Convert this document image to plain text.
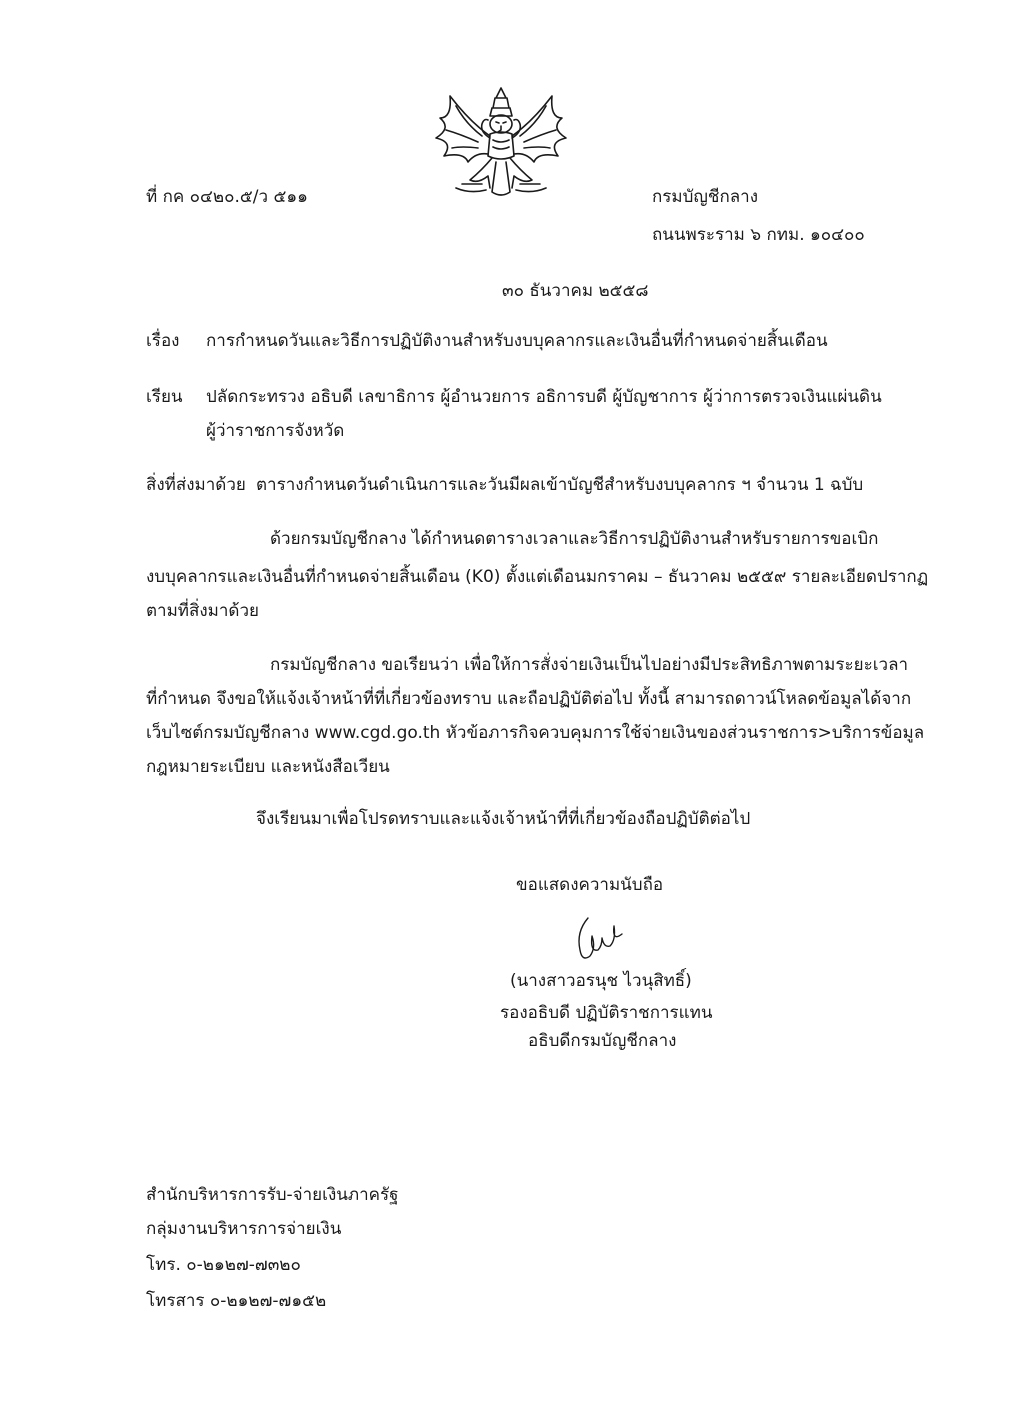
ที่ กค ๐๔๒๐.๕/ว ๕๑๑	กรมบัญชีกลาง
ถนนพระราม ๖ กทม. ๑๐๔๐๐
๓๐ ธันวาคม ๒๕๕๘
เรื่อง การกำหนดวันและวิธีการปฏิบัติงานสำหรับงบบุคลากรและเงินอื่นที่กำหนดจ่ายสิ้นเดือน
เรียน ปลัดกระทรวง อธิบดี เลขาธิการ ผู้อำนวยการ อธิการบดี ผู้บัญชาการ ผู้ว่าการตรวจเงินแผ่นดิน
ผู้ว่าราชการจังหวัด
สิ่งที่ส่งมาด้วย ตารางกำหนดวันดำเนินการและวันมีผลเข้าบัญชีสำหรับงบบุคลากร ฯ จำนวน 1 ฉบับ
ด้วยกรมบัญชีกลาง ได้กำหนดตารางเวลาและวิธีการปฏิบัติงานสำหรับรายการขอเบิก
งบบุคลากรและเงินอื่นที่กำหนดจ่ายสิ้นเดือน (K0) ตั้งแต่เดือนมกราคม – ธันวาคม ๒๕๕๙ รายละเอียดปรากฏ
ตามที่สิ่งมาด้วย
กรมบัญชีกลาง ขอเรียนว่า เพื่อให้การสั่งจ่ายเงินเป็นไปอย่างมีประสิทธิภาพตามระยะเวลา
ที่กำหนด จึงขอให้แจ้งเจ้าหน้าที่ที่เกี่ยวข้องทราบ และถือปฏิบัติต่อไป ทั้งนี้ สามารถดาวน์โหลดข้อมูลได้จาก
เว็บไซต์กรมบัญชีกลาง www.cgd.go.th หัวข้อภารกิจควบคุมการใช้จ่ายเงินของส่วนราชการ>บริการข้อมูล
กฎหมายระเบียบ และหนังสือเวียน
จึงเรียนมาเพื่อโปรดทราบและแจ้งเจ้าหน้าที่ที่เกี่ยวข้องถือปฏิบัติต่อไป
ขอแสดงความนับถือ
(นางสาวอรนุช ไวนุสิทธิ์)
รองอธิบดี ปฏิบัติราชการแทน
อธิบดีกรมบัญชีกลาง
สำนักบริหารการรับ-จ่ายเงินภาครัฐ
กลุ่มงานบริหารการจ่ายเงิน
โทร. ๐-๒๑๒๗-๗๓๒๐
โทรสาร ๐-๒๑๒๗-๗๑๕๒
